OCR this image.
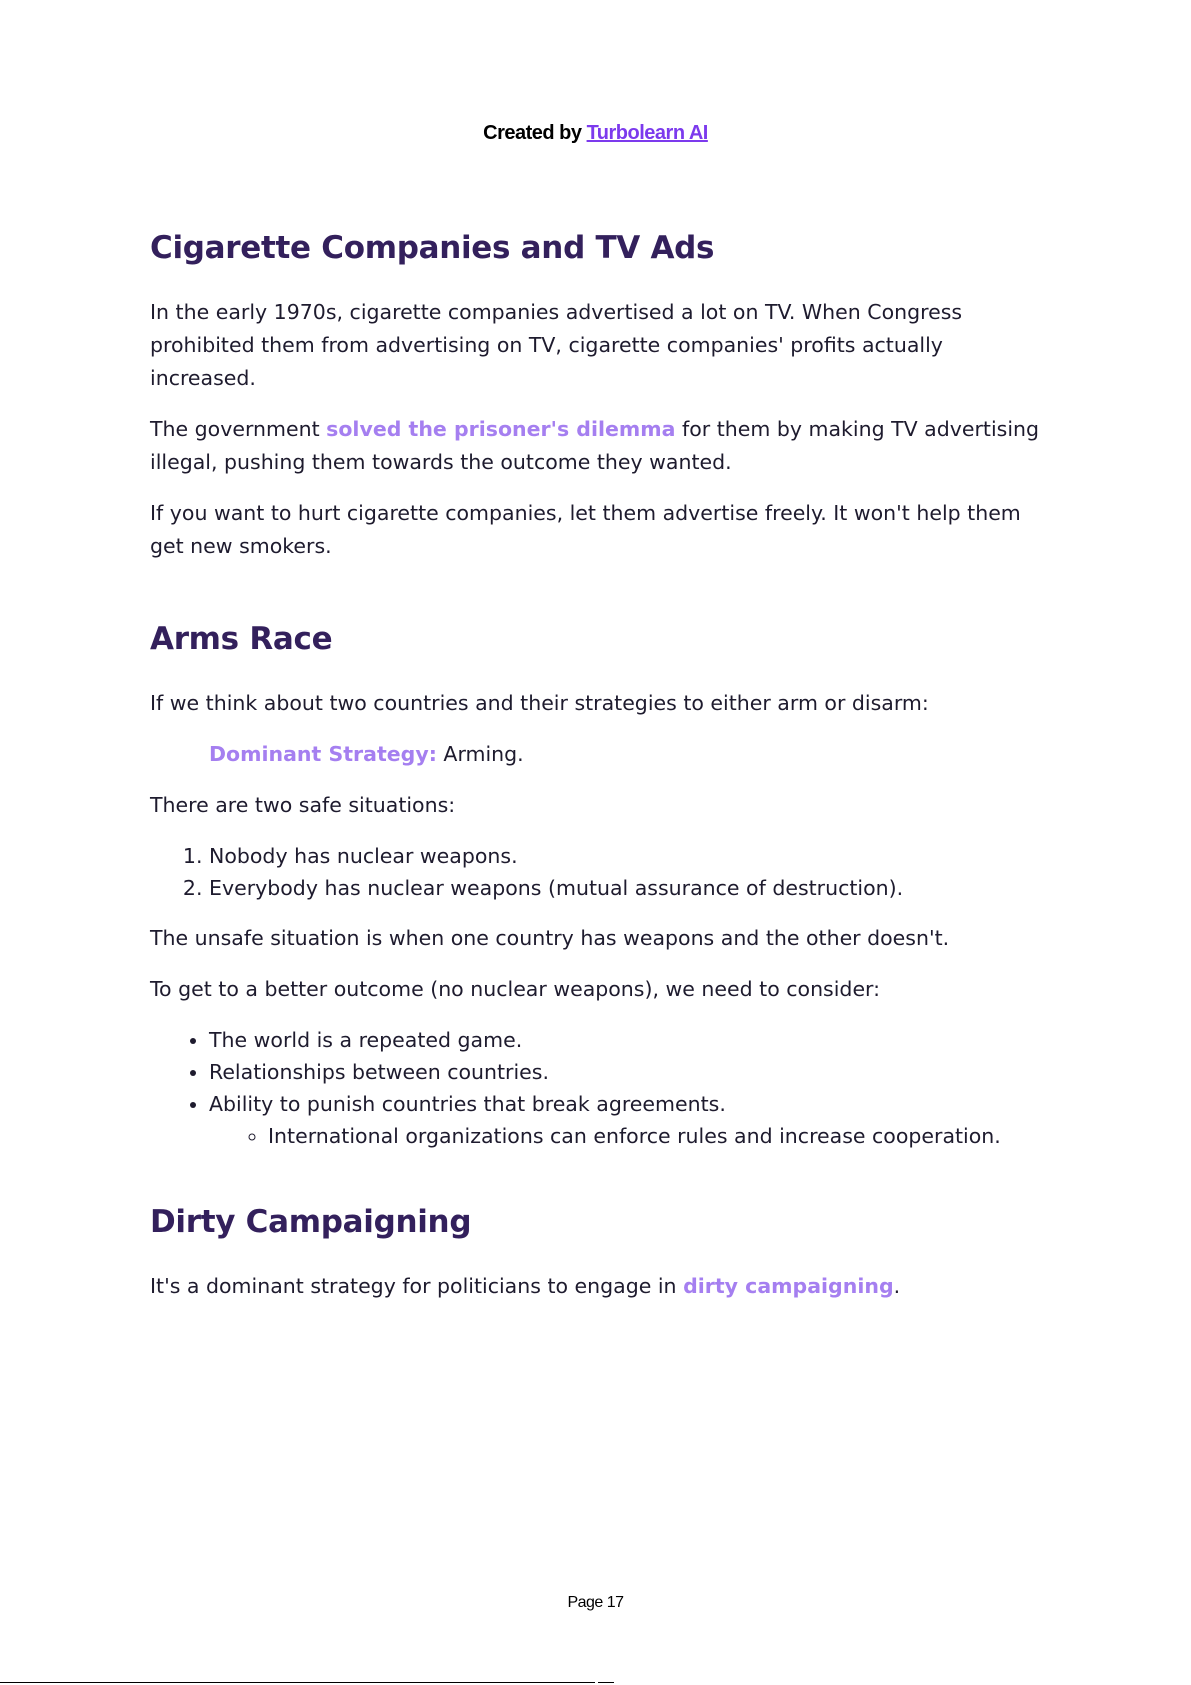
Created by Turbolearn AI
Cigarette Companies and TV Ads

In the early 1970s, cigarette companies advertised a lot on TV. When Congress prohibited them from advertising on TV, cigarette companies' profits actually increased.

The government solved the prisoner's dilemma for them by making TV advertising illegal, pushing them towards the outcome they wanted.

If you want to hurt cigarette companies, let them advertise freely. It won't help them get new smokers.

Arms Race

If we think about two countries and their strategies to either arm or disarm:

Dominant Strategy: Arming.

There are two safe situations:

1. Nobody has nuclear weapons.
2. Everybody has nuclear weapons (mutual assurance of destruction).

The unsafe situation is when one country has weapons and the other doesn't.

To get to a better outcome (no nuclear weapons), we need to consider:

• The world is a repeated game.
• Relationships between countries.
• Ability to punish countries that break agreements.
◦ International organizations can enforce rules and increase cooperation.
Dirty Campaigning

It's a dominant strategy for politicians to engage in dirty campaigning.

Page 17
